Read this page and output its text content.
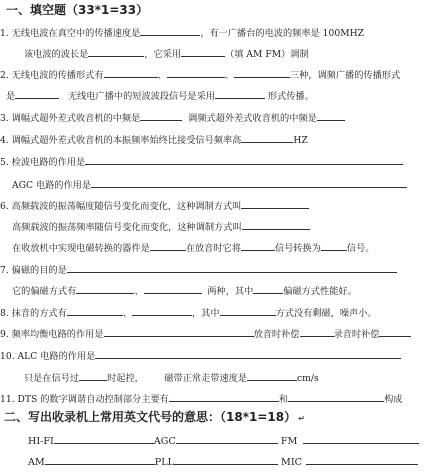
一、填空题（33*1=33）
1. 无线电波在真空中的传播速度是	，有一广播台的电波的频率是 100MHZ
该电波的波长是	，它采用	（填 AM FM）调制
2. 无线电波的传播形式有	、	、	三种，调频广播的传播形式
是	无线电广播中的短波波段信号是采用	形式传播。
3. 调幅式超外差式收音机的中频是	调频式超外差式收音机的中频是
4. 调幅式超外差式收音机的本振频率始终比接受信号频率高	HZ
5. 检波电路的作用是
AGC 电路的作用是
6. 高频载波的振荡幅度随信号变化而变化，这种调制方式叫
高频载波的振荡频率随信号变化而变化，这种调制方式叫
在收放机中实现电磁转换的器件是	在放音时它将	信号转换为	信号。
7. 偏磁的目的是
它的偏磁方式有	、	两种，其中	偏磁方式性能好。
8. 抹音的方式有	、	，其中	方式没有剩磁，噪声小。
9. 频率均衡电路的作用是	放音时补偿	录音时补偿
10. ALC 电路的作用是
只是在信号过	时起控， 磁带正常走带速度是	cm/s
11. DTS 的数字调谐自动控制部分主要有	和	构成
二、写出收录机上常用英文代号的意思：（18*1=18） ↵
HI-FI	AGC	FM
AM	PLL	MIC
